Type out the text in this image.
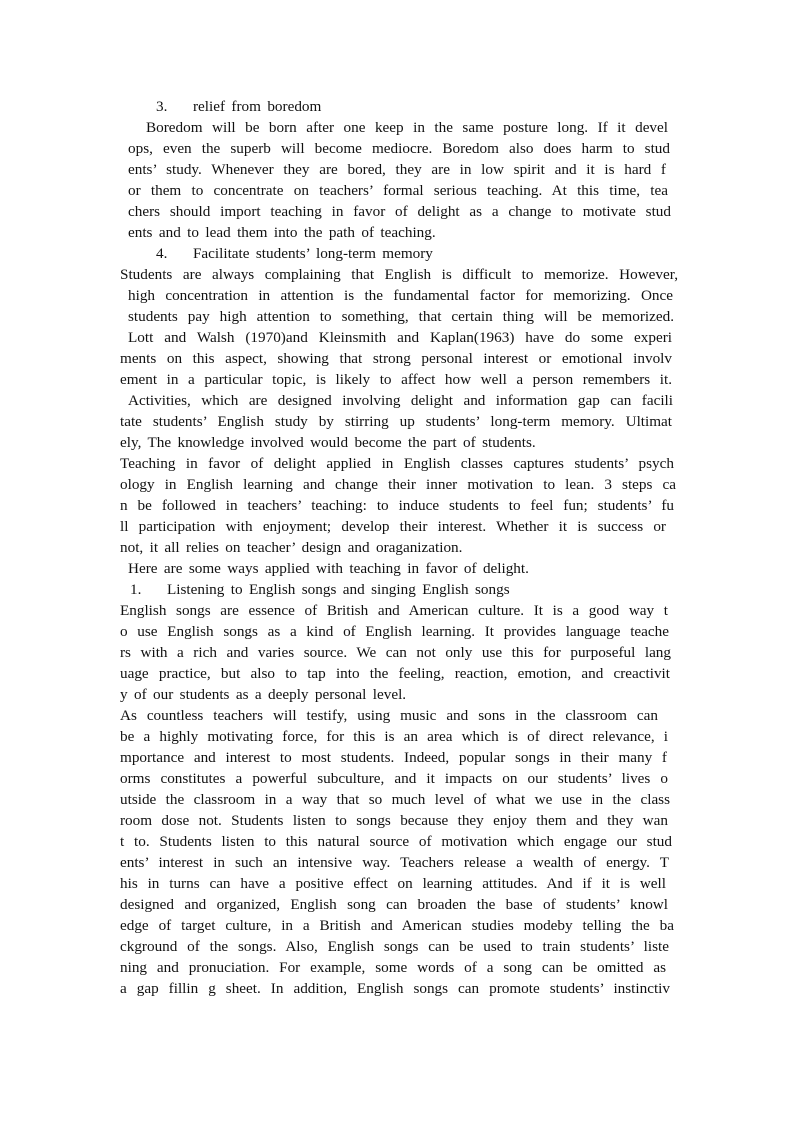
3.    relief from boredom
Boredom will be born after one keep in the same posture long. If it devel
ops, even the superb will become mediocre. Boredom also does harm to stud
ents’ study. Whenever they are bored, they are in low spirit and it is hard f
or them to concentrate on teachers’ formal serious teaching. At this time, tea
chers should import teaching in favor of delight as a change to motivate stud
ents and to lead them into the path of teaching.
4.    Facilitate students’ long-term memory
Students are always complaining that English is difficult to memorize. However,
high concentration in attention is the fundamental factor for memorizing. Once
students pay high attention to something, that certain thing will be memorized.
Lott and Walsh (1970)and Kleinsmith and Kaplan(1963) have do some experi
ments on this aspect, showing that strong personal interest or emotional involv
ement in a particular topic, is likely to affect how well a person remembers it.
Activities, which are designed involving delight and information gap can facili
tate students’ English study by stirring up students’ long-term memory. Ultimat
ely, The knowledge involved would become the part of students.
Teaching in favor of delight applied in English classes captures students’ psych
ology in English learning and change their inner motivation to lean. 3 steps ca
n be followed in teachers’ teaching: to induce students to feel fun; students’ fu
ll participation with enjoyment; develop their interest. Whether it is success or
not, it all relies on teacher’ design and oraganization.
Here are some ways applied with teaching in favor of delight.
1.    Listening to English songs and singing English songs
English songs are essence of British and American culture. It is a good way t
o use English songs as a kind of English learning. It provides language teache
rs with a rich and varies source. We can not only use this for purposeful lang
uage practice, but also to tap into the feeling, reaction, emotion, and creactivit
y of our students as a deeply personal level.
As countless teachers will testify, using music and sons in the classroom can
be a highly motivating force, for this is an area which is of direct relevance, i
mportance and interest to most students. Indeed, popular songs in their many f
orms constitutes a powerful subculture, and it impacts on our students’ lives o
utside the classroom in a way that so much level of what we use in the class
room dose not. Students listen to songs because they enjoy them and they wan
t to. Students listen to this natural source of motivation which engage our stud
ents’ interest in such an intensive way. Teachers release a wealth of energy. T
his in turns can have a positive effect on learning attitudes. And if it is well
designed and organized, English song can broaden the base of students’ knowl
edge of target culture, in a British and American studies modeby telling the ba
ckground of the songs. Also, English songs can be used to train students’ liste
ning and pronuciation. For example, some words of a song can be omitted as
a gap fillin g sheet. In addition, English songs can promote students’ instinctiv
